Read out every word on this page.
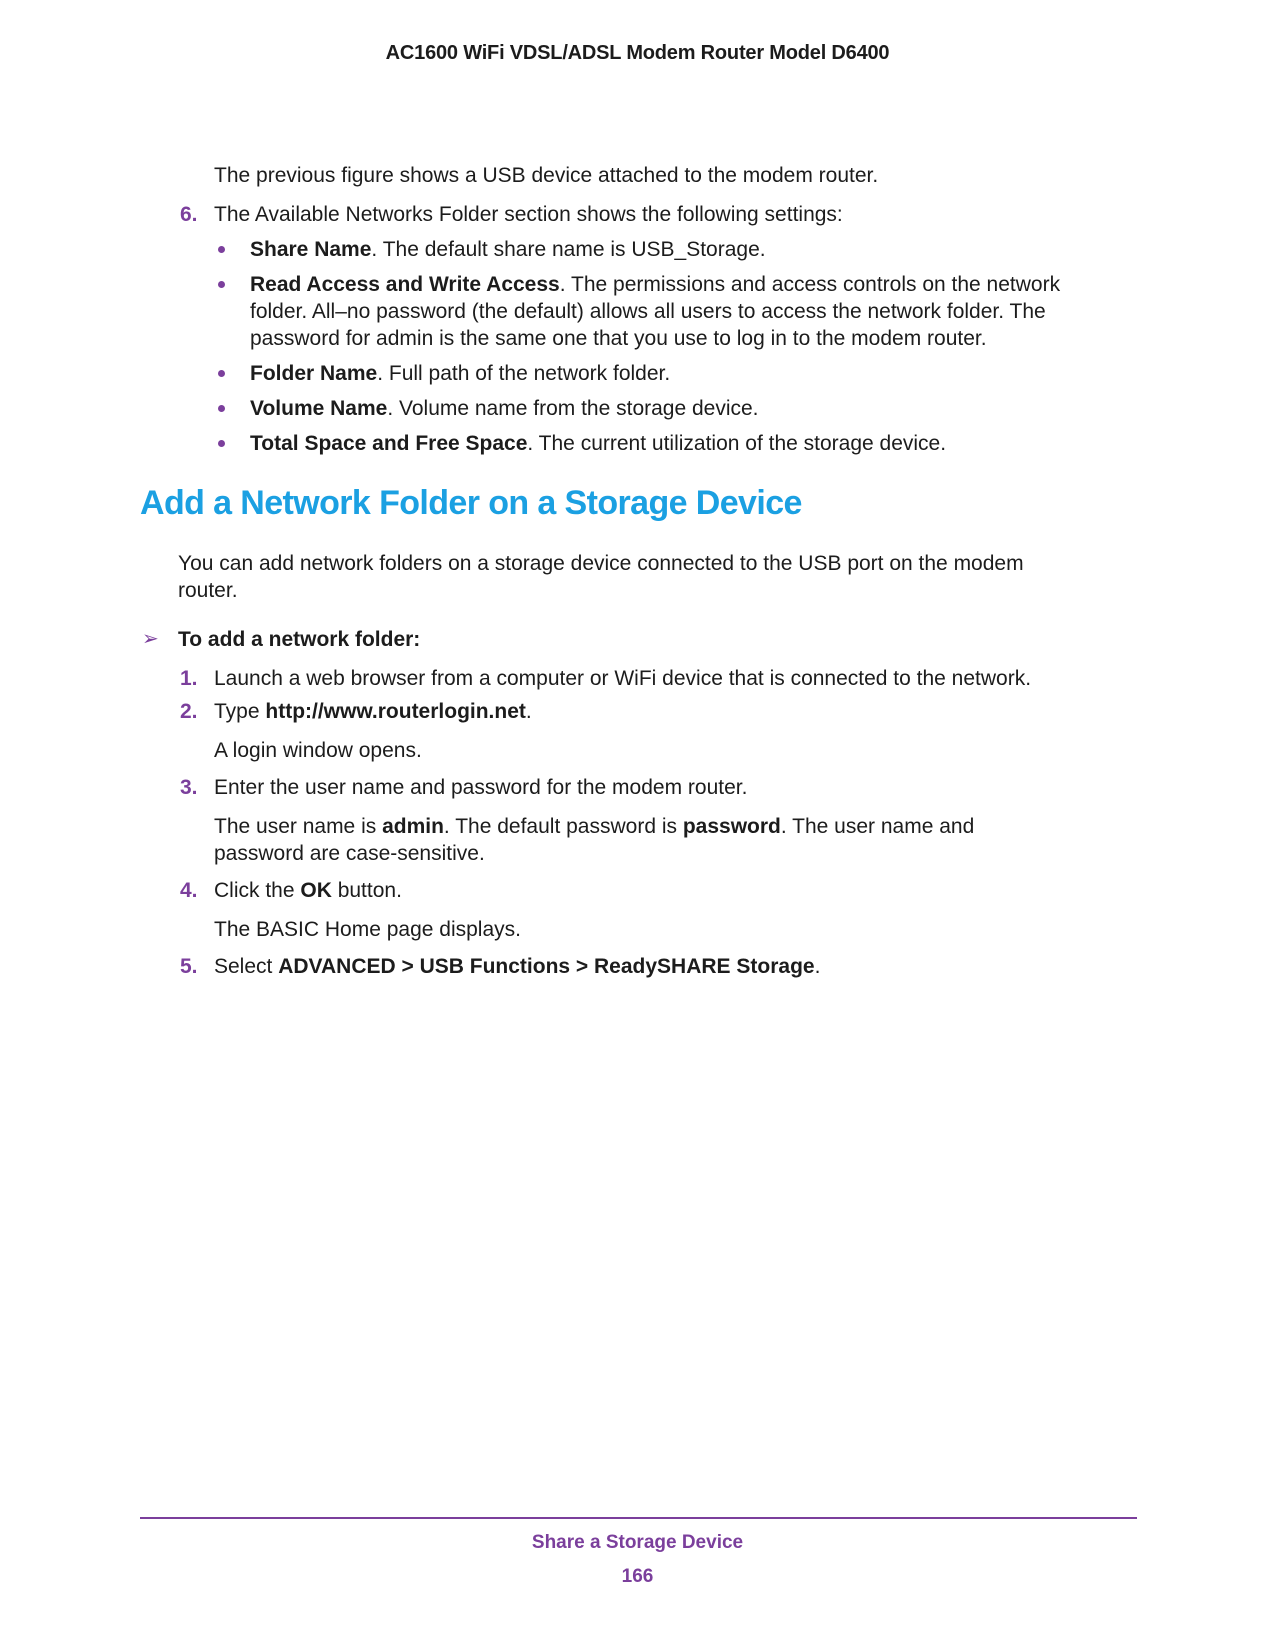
AC1600 WiFi VDSL/ADSL Modem Router Model D6400

The previous figure shows a USB device attached to the modem router.

6. The Available Networks Folder section shows the following settings:
Share Name. The default share name is USB_Storage.
Read Access and Write Access. The permissions and access controls on the network folder. All–no password (the default) allows all users to access the network folder. The password for admin is the same one that you use to log in to the modem router.
Folder Name. Full path of the network folder.
Volume Name. Volume name from the storage device.
Total Space and Free Space. The current utilization of the storage device.
Add a Network Folder on a Storage Device

You can add network folders on a storage device connected to the USB port on the modem router.

➢ To add a network folder:
1. Launch a web browser from a computer or WiFi device that is connected to the network.
2. Type http://www.routerlogin.net.

A login window opens.

3. Enter the user name and password for the modem router.

The user name is admin. The default password is password. The user name and password are case-sensitive.

4. Click the OK button.

The BASIC Home page displays.

5. Select ADVANCED > USB Functions > ReadySHARE Storage.
Share a Storage Device
166
